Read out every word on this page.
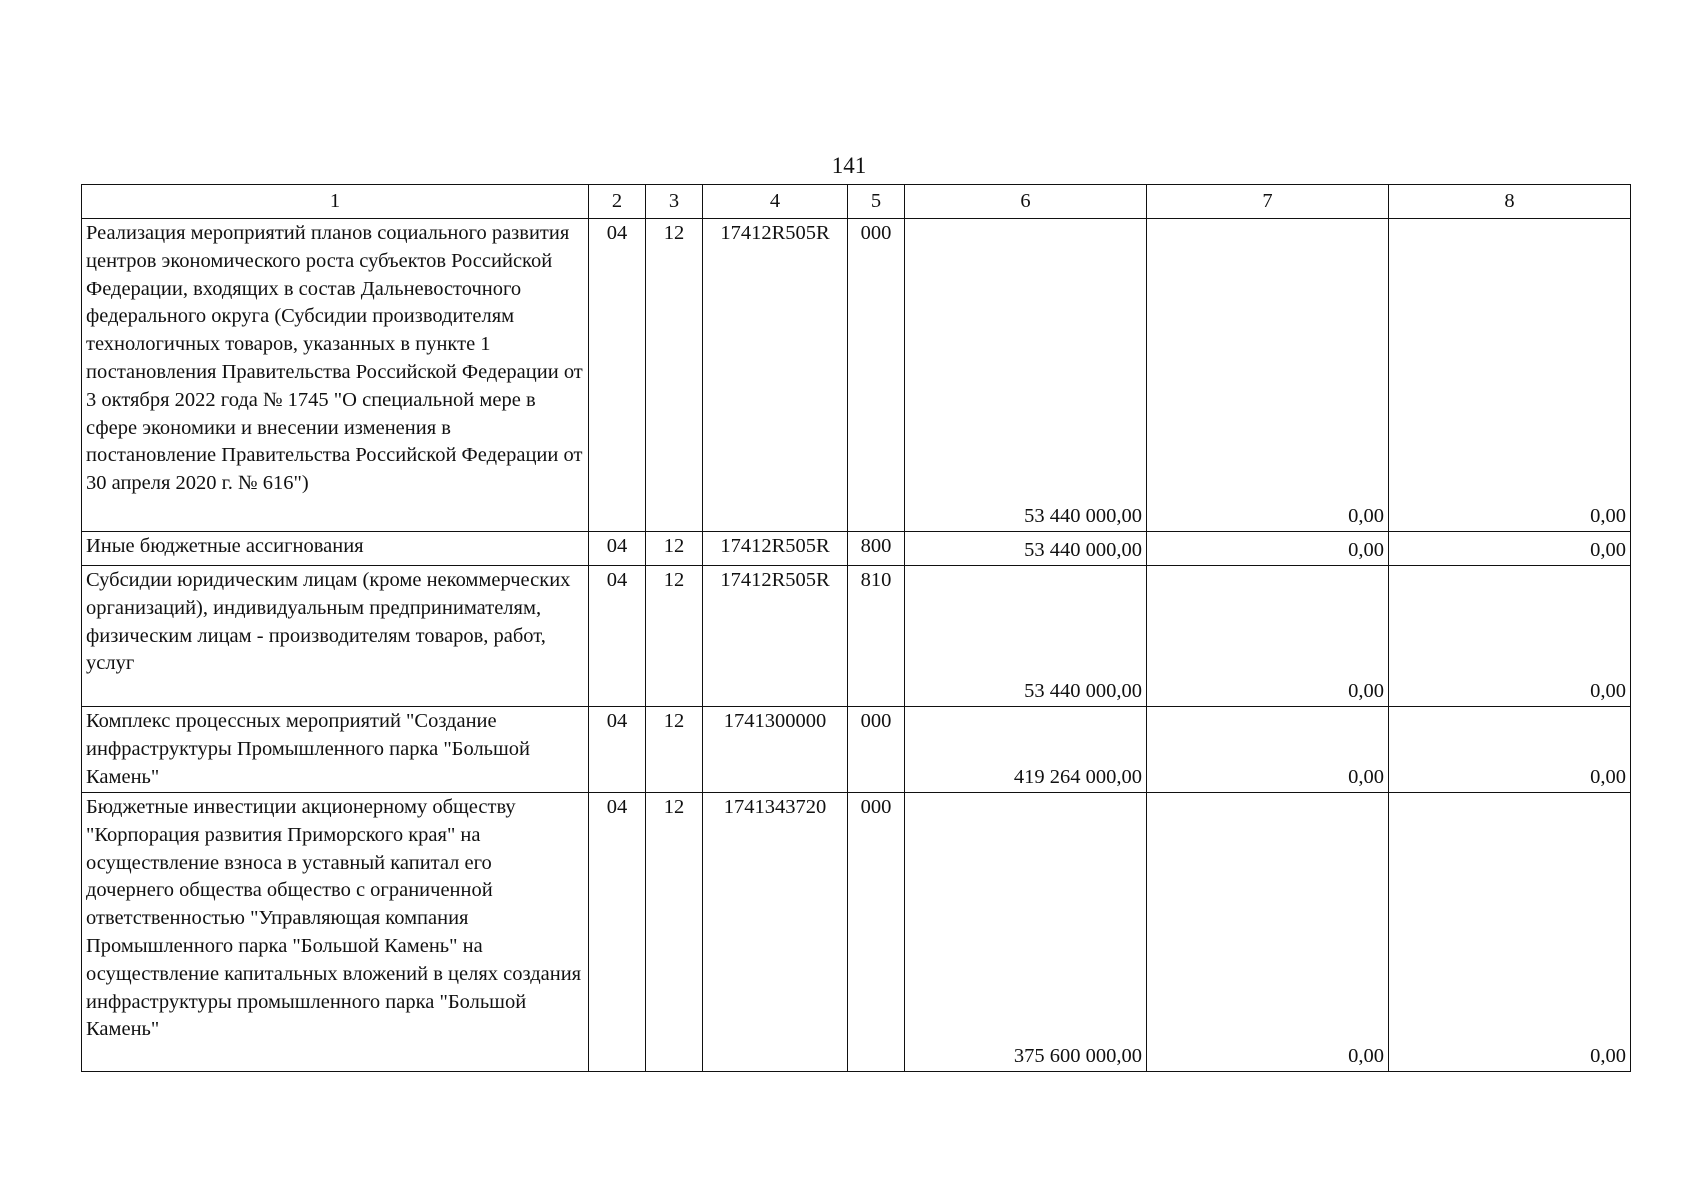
141
1	2	3	4	5	6	7	8
Реализация мероприятий планов социального развития центров экономического роста субъектов Российской Федерации, входящих в состав Дальневосточного федерального округа (Субсидии производителям технологичных товаров, указанных в пункте 1 постановления Правительства Российской Федерации от 3 октября 2022 года № 1745 "О специальной мере в сфере экономики и внесении изменения в постановление Правительства Российской Федерации от 30 апреля 2020 г. № 616")	04	12	17412R505R	000	53 440 000,00	0,00	0,00
Иные бюджетные ассигнования	04	12	17412R505R	800	53 440 000,00	0,00	0,00
Субсидии юридическим лицам (кроме некоммерческих организаций), индивидуальным предпринимателям, физическим лицам - производителям товаров, работ, услуг	04	12	17412R505R	810	53 440 000,00	0,00	0,00
Комплекс процессных мероприятий "Создание инфраструктуры Промышленного парка "Большой Камень"	04	12	1741300000	000	419 264 000,00	0,00	0,00
Бюджетные инвестиции акционерному обществу "Корпорация развития Приморского края" на осуществление взноса в уставный капитал его дочернего общества общество с ограниченной ответственностью "Управляющая компания Промышленного парка "Большой Камень" на осуществление капитальных вложений в целях создания инфраструктуры промышленного парка "Большой Камень"	04	12	1741343720	000	375 600 000,00	0,00	0,00
